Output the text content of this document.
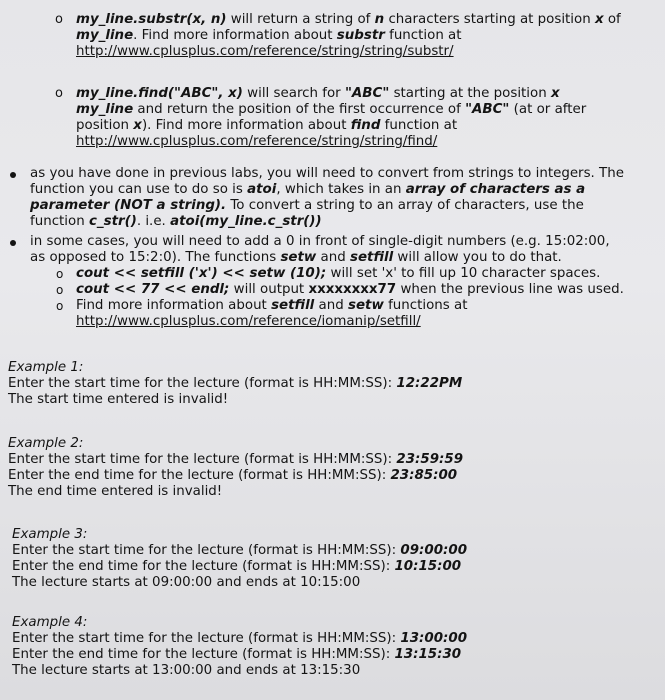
o my_line.substr(x, n) will return a string of n characters starting at position x of
my_line. Find more information about substr function at
http://www.cplusplus.com/reference/string/string/substr/
o my_line.find("ABC", x) will search for "ABC" starting at the position x
my_line and return the position of the first occurrence of "ABC" (at or after
position x). Find more information about find function at
http://www.cplusplus.com/reference/string/string/find/
as you have done in previous labs, you will need to convert from strings to integers. The
function you can use to do so is atoi, which takes in an array of characters as a
parameter (NOT a string). To convert a string to an array of characters, use the
function c_str(). i.e. atoi(my_line.c_str())
in some cases, you will need to add a 0 in front of single-digit numbers (e.g. 15:02:00,
as opposed to 15:2:0). The functions setw and setfill will allow you to do that.
o
o
o
cout << setfill ('x') << setw (10); will set 'x' to fill up 10 character spaces.
cout << 77 << endl; will output xxxxxxxx77 when the previous line was used.
Find more information about setfill and setw functions at
http://www.cplusplus.com/reference/iomanip/setfill/
Example 1:
Enter the start time for the lecture (format is HH:MM:SS): 12:22PM
The start time entered is invalid!
Example 2:
Enter the start time for the lecture (format is HH:MM:SS): 23:59:59
Enter the end time for the lecture (format is HH:MM:SS): 23:85:00
The end time entered is invalid!
Example 3:
Enter the start time for the lecture (format is HH:MM:SS): 09:00:00
Enter the end time for the lecture (format is HH:MM:SS): 10:15:00
The lecture starts at 09:00:00 and ends at 10:15:00
Example 4:
Enter the start time for the lecture (format is HH:MM:SS): 13:00:00
Enter the end time for the lecture (format is HH:MM:SS): 13:15:30
The lecture starts at 13:00:00 and ends at 13:15:30
